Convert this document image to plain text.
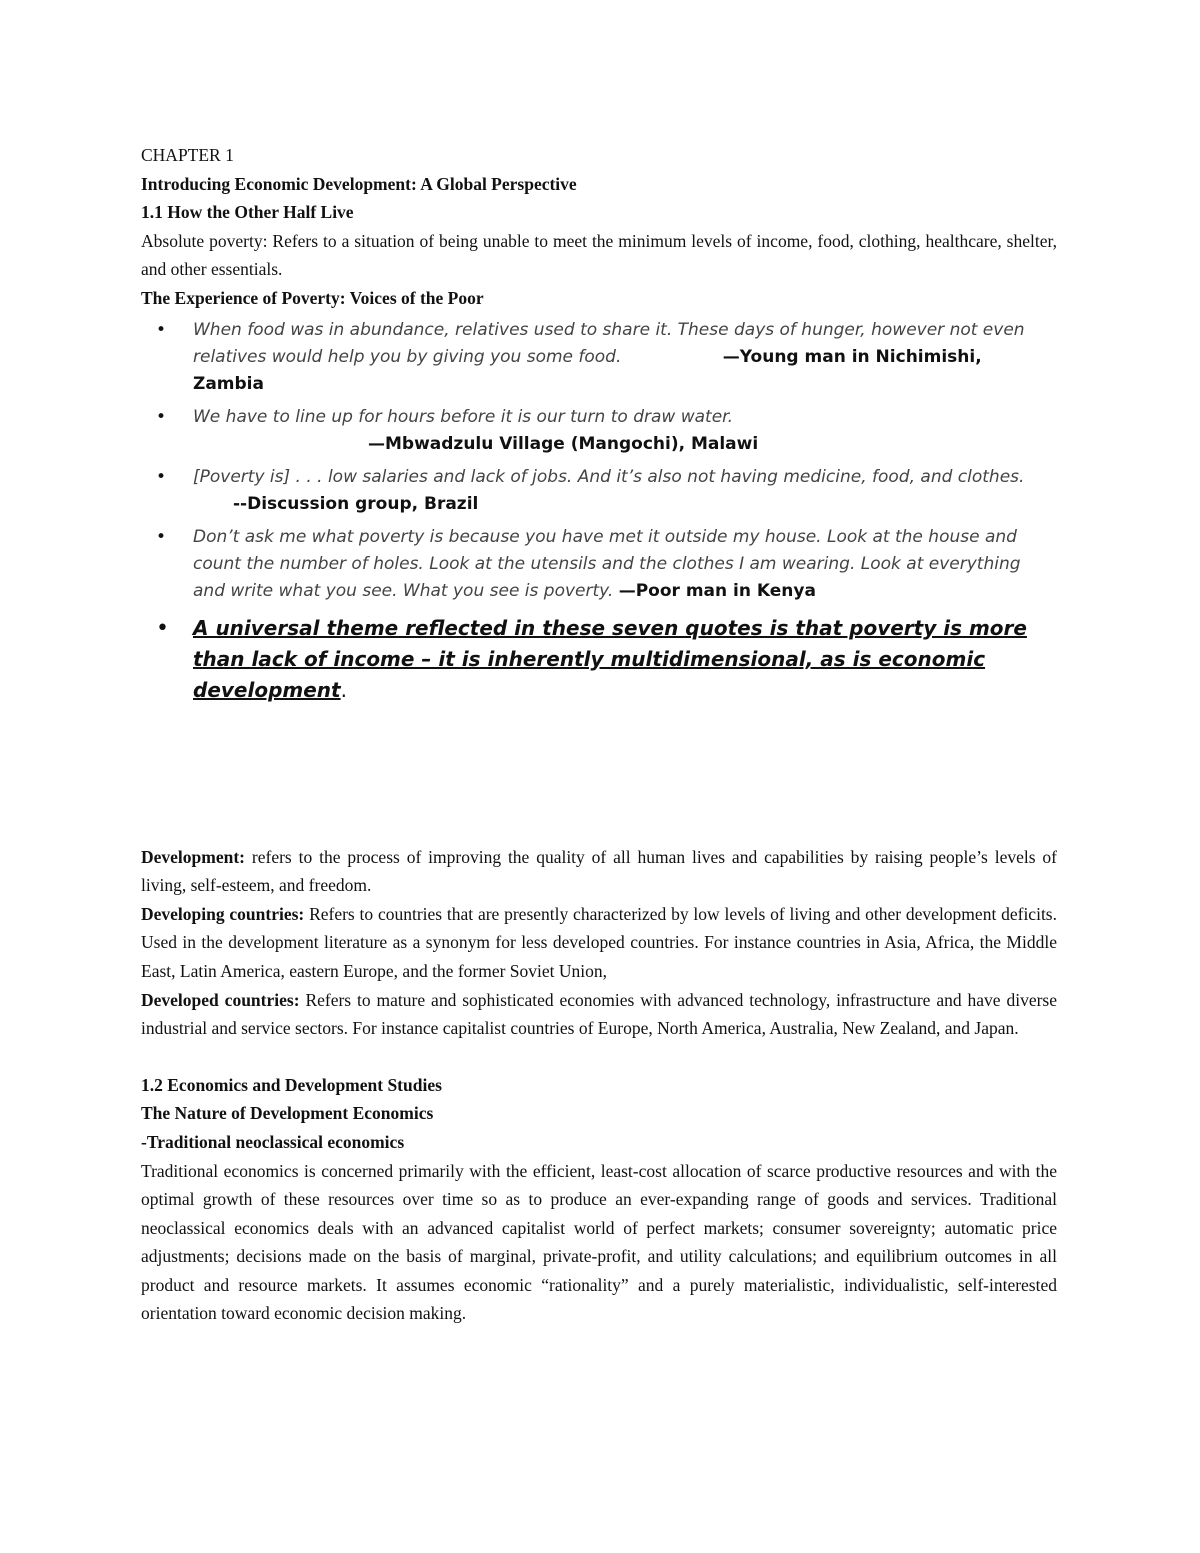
CHAPTER 1

Introducing Economic Development: A Global Perspective

1.1 How the Other Half Live

Absolute poverty: Refers to a situation of being unable to meet the minimum levels of income, food, clothing, healthcare, shelter, and other essentials.

The Experience of Poverty: Voices of the Poor

• When food was in abundance, relatives used to share it. These days of hunger, however not even relatives would help you by giving you some food.	—Young man in Nichimishi, Zambia
• We have to line up for hours before it is our turn to draw water.
—Mbwadzulu Village (Mangochi), Malawi
• [Poverty is] . . . low salaries and lack of jobs. And it’s also not having medicine, food, and clothes. --Discussion group, Brazil
• Don’t ask me what poverty is because you have met it outside my house. Look at the house and count the number of holes. Look at the utensils and the clothes I am wearing. Look at everything and write what you see. What you see is poverty. —Poor man in Kenya
• A universal theme reflected in these seven quotes is that poverty is more than lack of income – it is inherently multidimensional, as is economic development.

Development: refers to the process of improving the quality of all human lives and capabilities by raising people’s levels of living, self-esteem, and freedom.

Developing countries: Refers to countries that are presently characterized by low levels of living and other development deficits. Used in the development literature as a synonym for less developed countries. For instance countries in Asia, Africa, the Middle East, Latin America, eastern Europe, and the former Soviet Union,

Developed countries: Refers to mature and sophisticated economies with advanced technology, infrastructure and have diverse industrial and service sectors. For instance capitalist countries of Europe, North America, Australia, New Zealand, and Japan.

1.2 Economics and Development Studies

The Nature of Development Economics

-Traditional neoclassical economics

Traditional economics is concerned primarily with the efficient, least-cost allocation of scarce productive resources and with the optimal growth of these resources over time so as to produce an ever-expanding range of goods and services. Traditional neoclassical economics deals with an advanced capitalist world of perfect markets; consumer sovereignty; automatic price adjustments; decisions made on the basis of marginal, private-profit, and utility calculations; and equilibrium outcomes in all product and resource markets. It assumes economic “rationality” and a purely materialistic, individualistic, self-interested orientation toward economic decision making.
